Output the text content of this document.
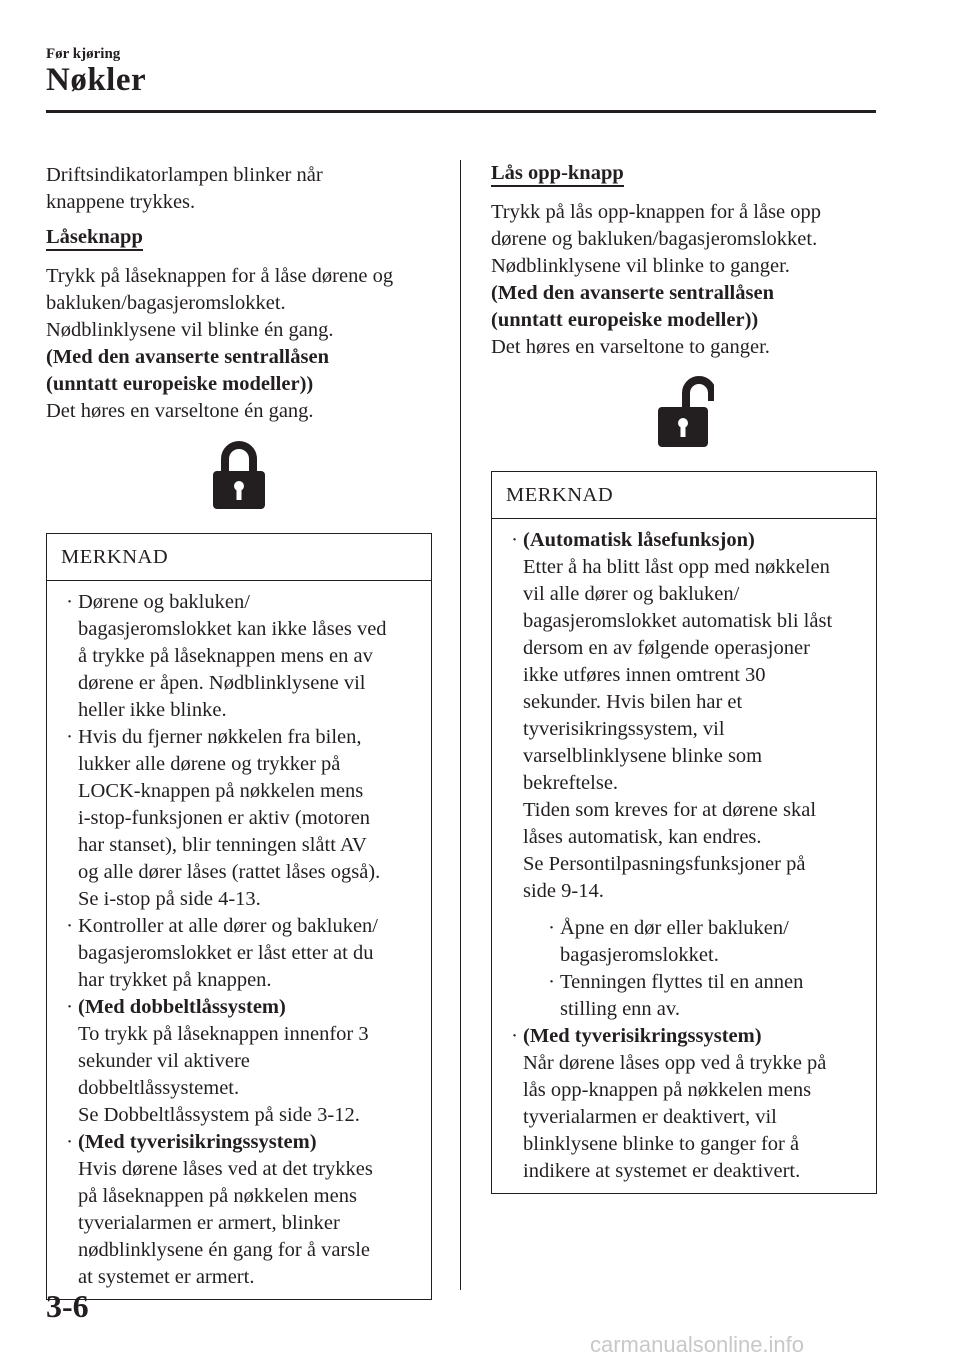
Før kjøring
Nøkler

Driftsindikatorlampen blinker når

knappene trykkes.

Låseknapp

Trykk på låseknappen for å låse dørene og

bakluken/bagasjeromslokket.

Nødblinklysene vil blinke én gang.

(Med den avanserte sentrallåsen

(unntatt europeiske modeller))

Det høres en varseltone én gang.

MERKNAD
· Dørene og bakluken/

bagasjeromslokket kan ikke låses ved

å trykke på låseknappen mens en av

dørene er åpen. Nødblinklysene vil

heller ikke blinke.

· Hvis du fjerner nøkkelen fra bilen,

lukker alle dørene og trykker på

LOCK-knappen på nøkkelen mens

i-stop-funksjonen er aktiv (motoren

har stanset), blir tenningen slått AV

og alle dører låses (rattet låses også).

Se i-stop på side 4-13.

· Kontroller at alle dører og bakluken/

bagasjeromslokket er låst etter at du

har trykket på knappen.

· (Med dobbeltlåssystem)

To trykk på låseknappen innenfor 3

sekunder vil aktivere

dobbeltlåssystemet.

Se Dobbeltlåssystem på side 3-12.

· (Med tyverisikringssystem)

Hvis dørene låses ved at det trykkes

på låseknappen på nøkkelen mens

tyverialarmen er armert, blinker

nødblinklysene én gang for å varsle

at systemet er armert.

Lås opp-knapp

Trykk på lås opp-knappen for å låse opp

dørene og bakluken/bagasjeromslokket.

Nødblinklysene vil blinke to ganger.

(Med den avanserte sentrallåsen

(unntatt europeiske modeller))

Det høres en varseltone to ganger.

MERKNAD
· (Automatisk låsefunksjon)

Etter å ha blitt låst opp med nøkkelen

vil alle dører og bakluken/

bagasjeromslokket automatisk bli låst

dersom en av følgende operasjoner

ikke utføres innen omtrent 30

sekunder. Hvis bilen har et

tyverisikringssystem, vil

varselblinklysene blinke som

bekreftelse.

Tiden som kreves for at dørene skal

låses automatisk, kan endres.

Se Persontilpasningsfunksjoner på

side 9-14.

· Åpne en dør eller bakluken/

bagasjeromslokket.

· Tenningen flyttes til en annen

stilling enn av.

· (Med tyverisikringssystem)

Når dørene låses opp ved å trykke på

lås opp-knappen på nøkkelen mens

tyverialarmen er deaktivert, vil

blinklysene blinke to ganger for å

indikere at systemet er deaktivert.

3-6
carmanualsonline.info
